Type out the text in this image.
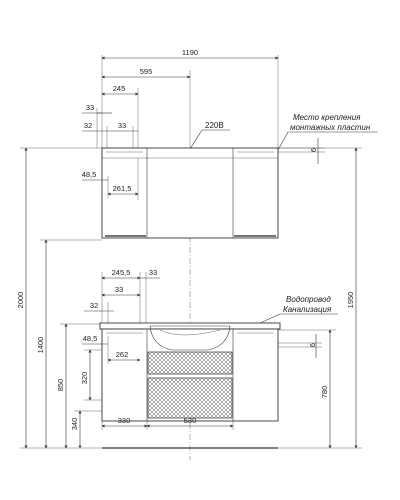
1190
595
245
33
32	33	220В
Место крепления
монтажных пластин
6
48,5
261,5
2000
1400
850
340
320
1950
780
6
245,5 33
33
32
Водопровод
Канализация
48,5
262
330	530
